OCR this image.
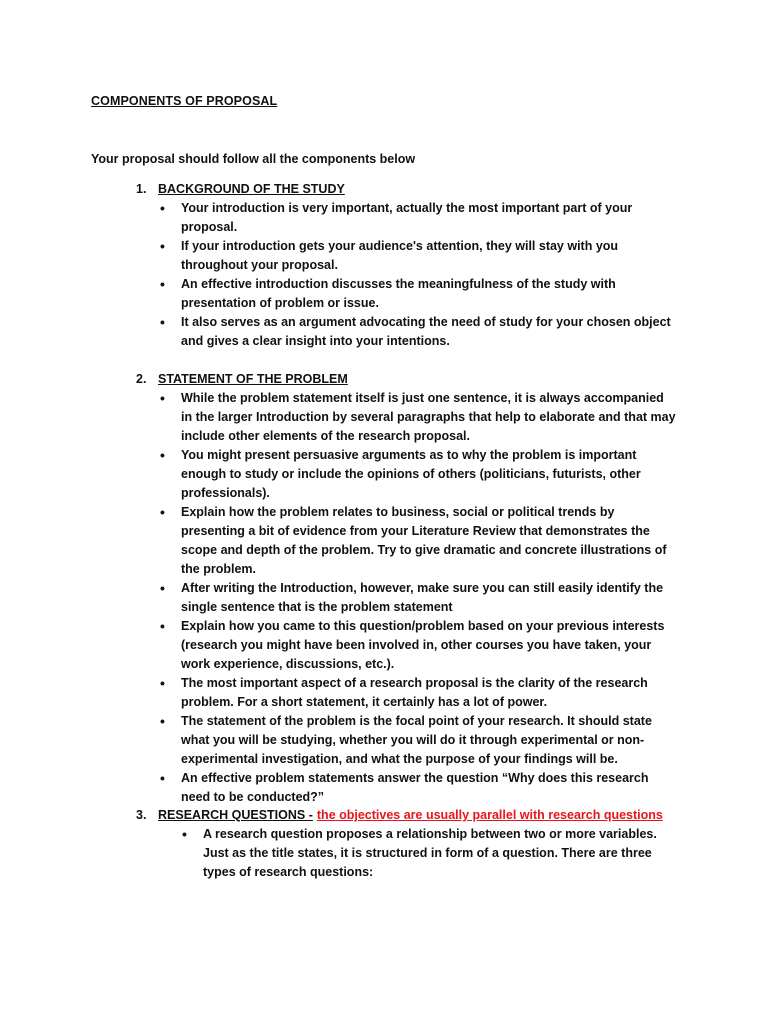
COMPONENTS OF PROPOSAL
Your proposal should follow all the components below
1. BACKGROUND OF THE STUDY
• Your introduction is very important, actually the most important part of your proposal.
• If your introduction gets your audience's attention, they will stay with you throughout your proposal.
• An effective introduction discusses the meaningfulness of the study with presentation of problem or issue.
• It also serves as an argument advocating the need of study for your chosen object and gives a clear insight into your intentions.
2. STATEMENT OF THE PROBLEM
• While the problem statement itself is just one sentence, it is always accompanied in the larger Introduction by several paragraphs that help to elaborate and that may include other elements of the research proposal.
• You might present persuasive arguments as to why the problem is important enough to study or include the opinions of others (politicians, futurists, other professionals).
• Explain how the problem relates to business, social or political trends by presenting a bit of evidence from your Literature Review that demonstrates the scope and depth of the problem. Try to give dramatic and concrete illustrations of the problem.
• After writing the Introduction, however, make sure you can still easily identify the single sentence that is the problem statement
• Explain how you came to this question/problem based on your previous interests (research you might have been involved in, other courses you have taken, your work experience, discussions, etc.).
• The most important aspect of a research proposal is the clarity of the research problem. For a short statement, it certainly has a lot of power.
• The statement of the problem is the focal point of your research. It should state what you will be studying, whether you will do it through experimental or non-experimental investigation, and what the purpose of your findings will be.
• An effective problem statements answer the question “Why does this research need to be conducted?”
3. RESEARCH QUESTIONS - the objectives are usually parallel with research questions
• A research question proposes a relationship between two or more variables. Just as the title states, it is structured in form of a question. There are three types of research questions:
